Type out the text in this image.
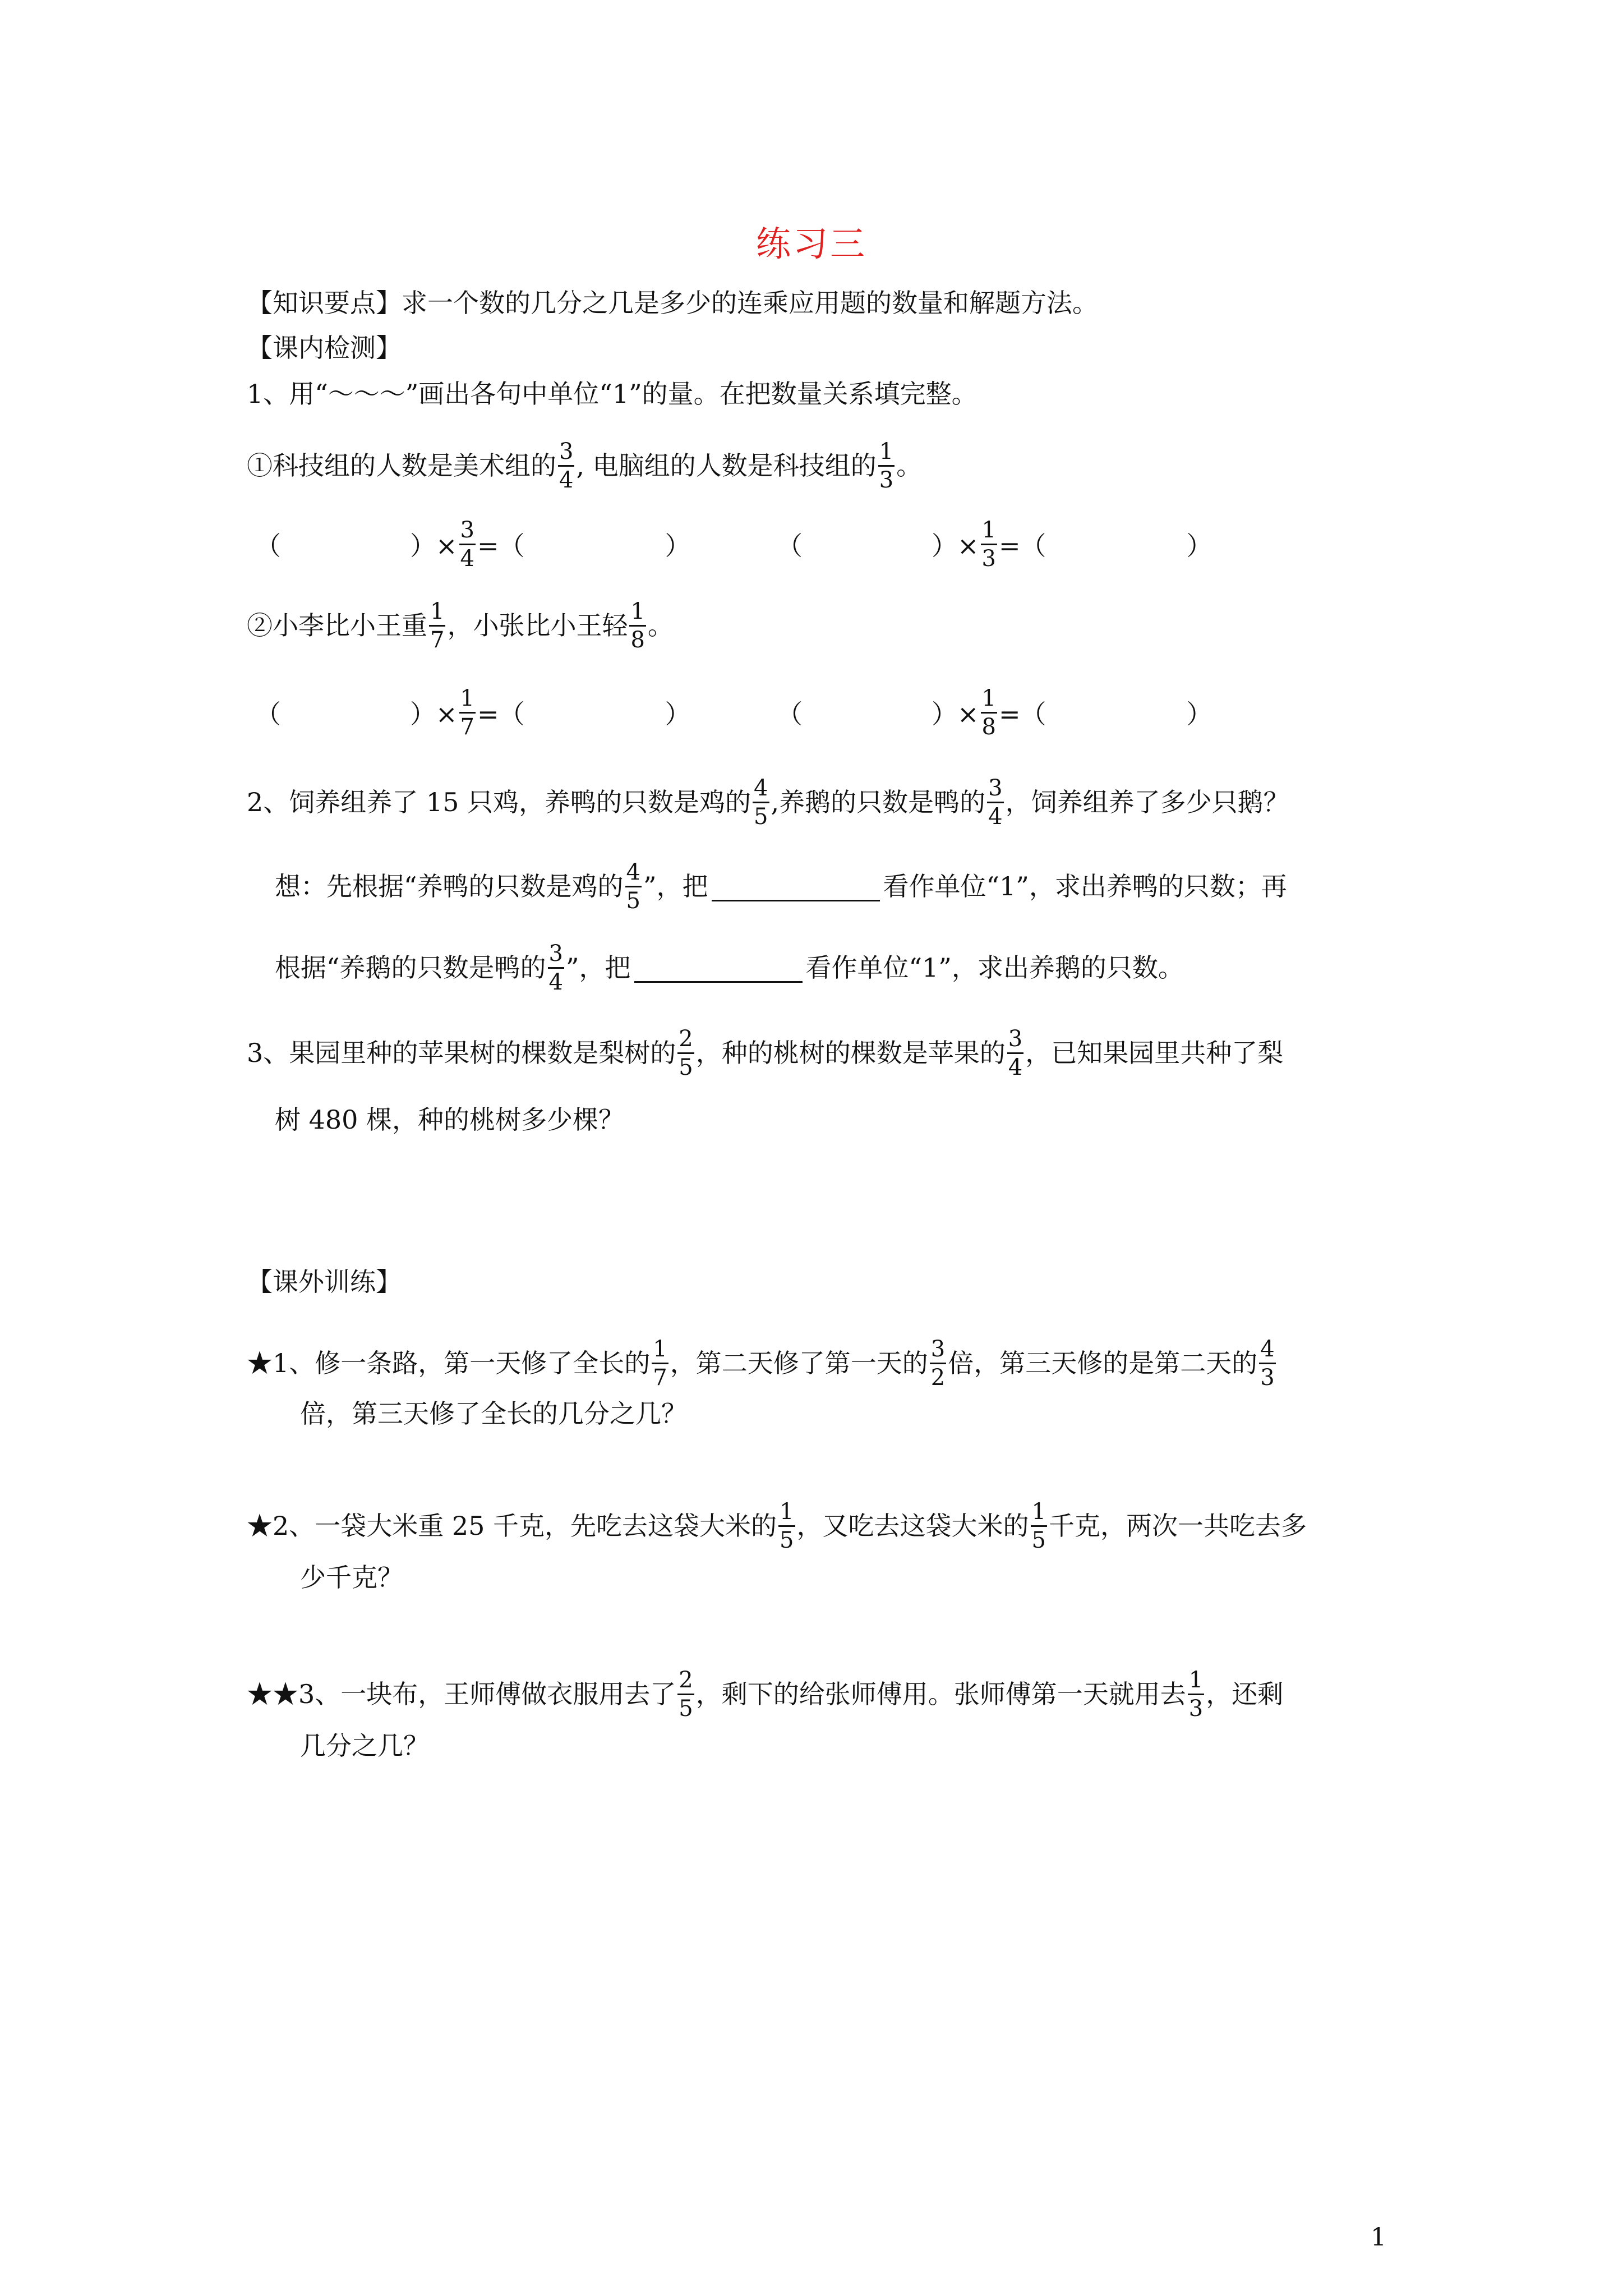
练习三
【知识要点】 求一个数的几分之几是多少的连乘应用题的数量和解题方法。
【课内检测】
1、用“～～～”画出各句中单位“1”的量。在把数量关系填完整。
①科技组的人数是美术组的 $\frac{3}{4}$ , 电脑组的人数是科技组的 $\frac{1}{3}$ 。
（	）× $\frac{3}{4}$ =（	）	（	）× $\frac{1}{3}$ =（	）
②小李比小王重 $\frac{1}{7}$ ，小张比小王轻 $\frac{1}{8}$ 。
（	）× $\frac{1}{7}$ =（	）	（	）× $\frac{1}{8}$ =（	）
2、饲养组养了 15 只鸡，养鸭的只数是鸡的 $\frac{4}{5}$ ,养鹅的只数是鸭的 $\frac{3}{4}$ ，饲养组养了多少只鹅？
想：先根据“养鸭的只数是鸡的 $\frac{4}{5}$ ”，把	看作单位“1”，求出养鸭的只数；再
根据“养鹅的只数是鸭的 $\frac{3}{4}$ ”，把	看作单位“1”，求出养鹅的只数。
3、果园里种的苹果树的棵数是梨树的 $\frac{2}{5}$ ，种的桃树的棵数是苹果的 $\frac{3}{4}$ ，已知果园里共种了梨
树 480 棵，种的桃树多少棵？
【课外训练】
★1、修一条路，第一天修了全长的 $\frac{1}{7}$ ，第二天修了第一天的 $\frac{3}{2}$ 倍，第三天修的是第二天的 $\frac{4}{3}$
倍，第三天修了全长的几分之几？
★2、一袋大米重 25 千克，先吃去这袋大米的 $\frac{1}{5}$ ，又吃去这袋大米的 $\frac{1}{5}$ 千克，两次一共吃去多
少千克？
★★3、一块布，王师傅做衣服用去了 $\frac{2}{5}$ ，剩下的给张师傅用。张师傅第一天就用去 $\frac{1}{3}$ ，还剩
几分之几？
1
